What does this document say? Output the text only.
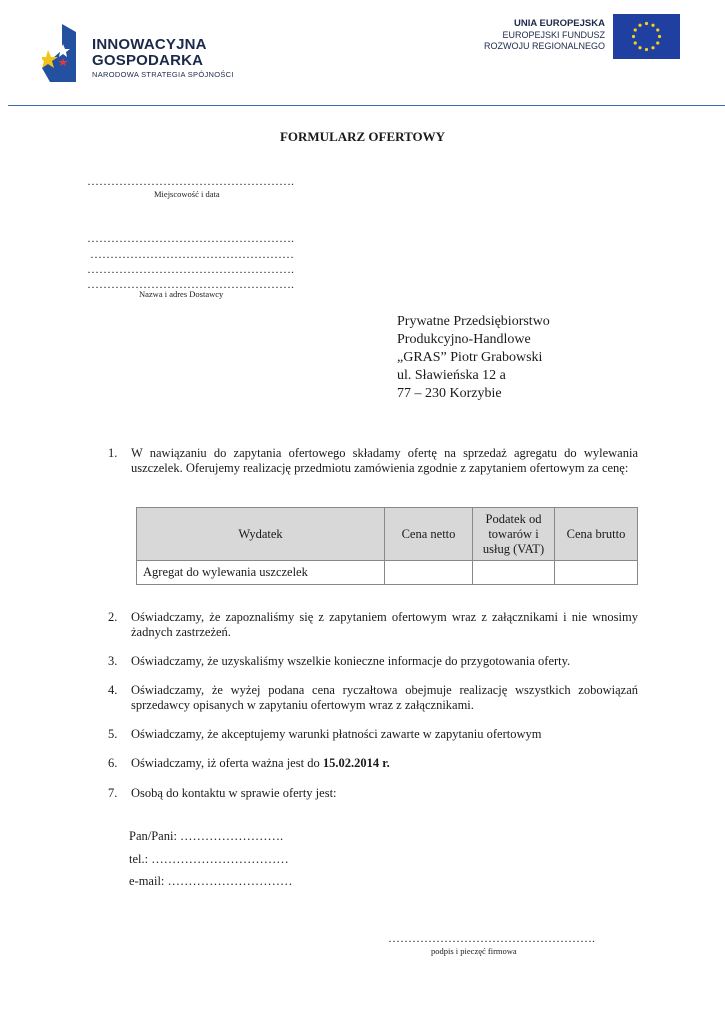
INNOWACYJNA
GOSPODARKA
NARODOWA STRATEGIA SPÓJNOŚCI
UNIA EUROPEJSKA
EUROPEJSKI FUNDUSZ
ROZWOJU REGIONALNEGO
FORMULARZ OFERTOWY
…………………………………………….
Miejscowość i data
…………………………………………….
……………………………………………
…………………………………………….
…………………………………………….
Nazwa i adres Dostawcy
Prywatne Przedsiębiorstwo
Produkcyjno-Handlowe
„GRAS” Piotr Grabowski
ul. Sławieńska 12 a
77 – 230 Korzybie
1. W nawiązaniu do zapytania ofertowego składamy ofertę na sprzedaż agregatu do wylewania uszczelek. Oferujemy realizację przedmiotu zamówienia zgodnie z zapytaniem ofertowym za cenę:
Wydatek	Cena netto	Podatek od towarów i usług (VAT)	Cena brutto
Agregat do wylewania uszczelek			
2. Oświadczamy, że zapoznaliśmy się z zapytaniem ofertowym wraz z załącznikami i nie wnosimy żadnych zastrzeżeń.
3. Oświadczamy, że uzyskaliśmy wszelkie konieczne informacje do przygotowania oferty.
4. Oświadczamy, że wyżej podana cena ryczałtowa obejmuje realizację wszystkich zobowiązań sprzedawcy opisanych w zapytaniu ofertowym wraz z załącznikami.
5. Oświadczamy, że akceptujemy warunki płatności zawarte w zapytaniu ofertowym
6. Oświadczamy, iż oferta ważna jest do 15.02.2014 r.
7. Osobą do kontaktu w sprawie oferty jest:
Pan/Pani: …………………….
tel.: ……………………………
e-mail: …………………………
…………………………………………….
podpis i pieczęć firmowa
